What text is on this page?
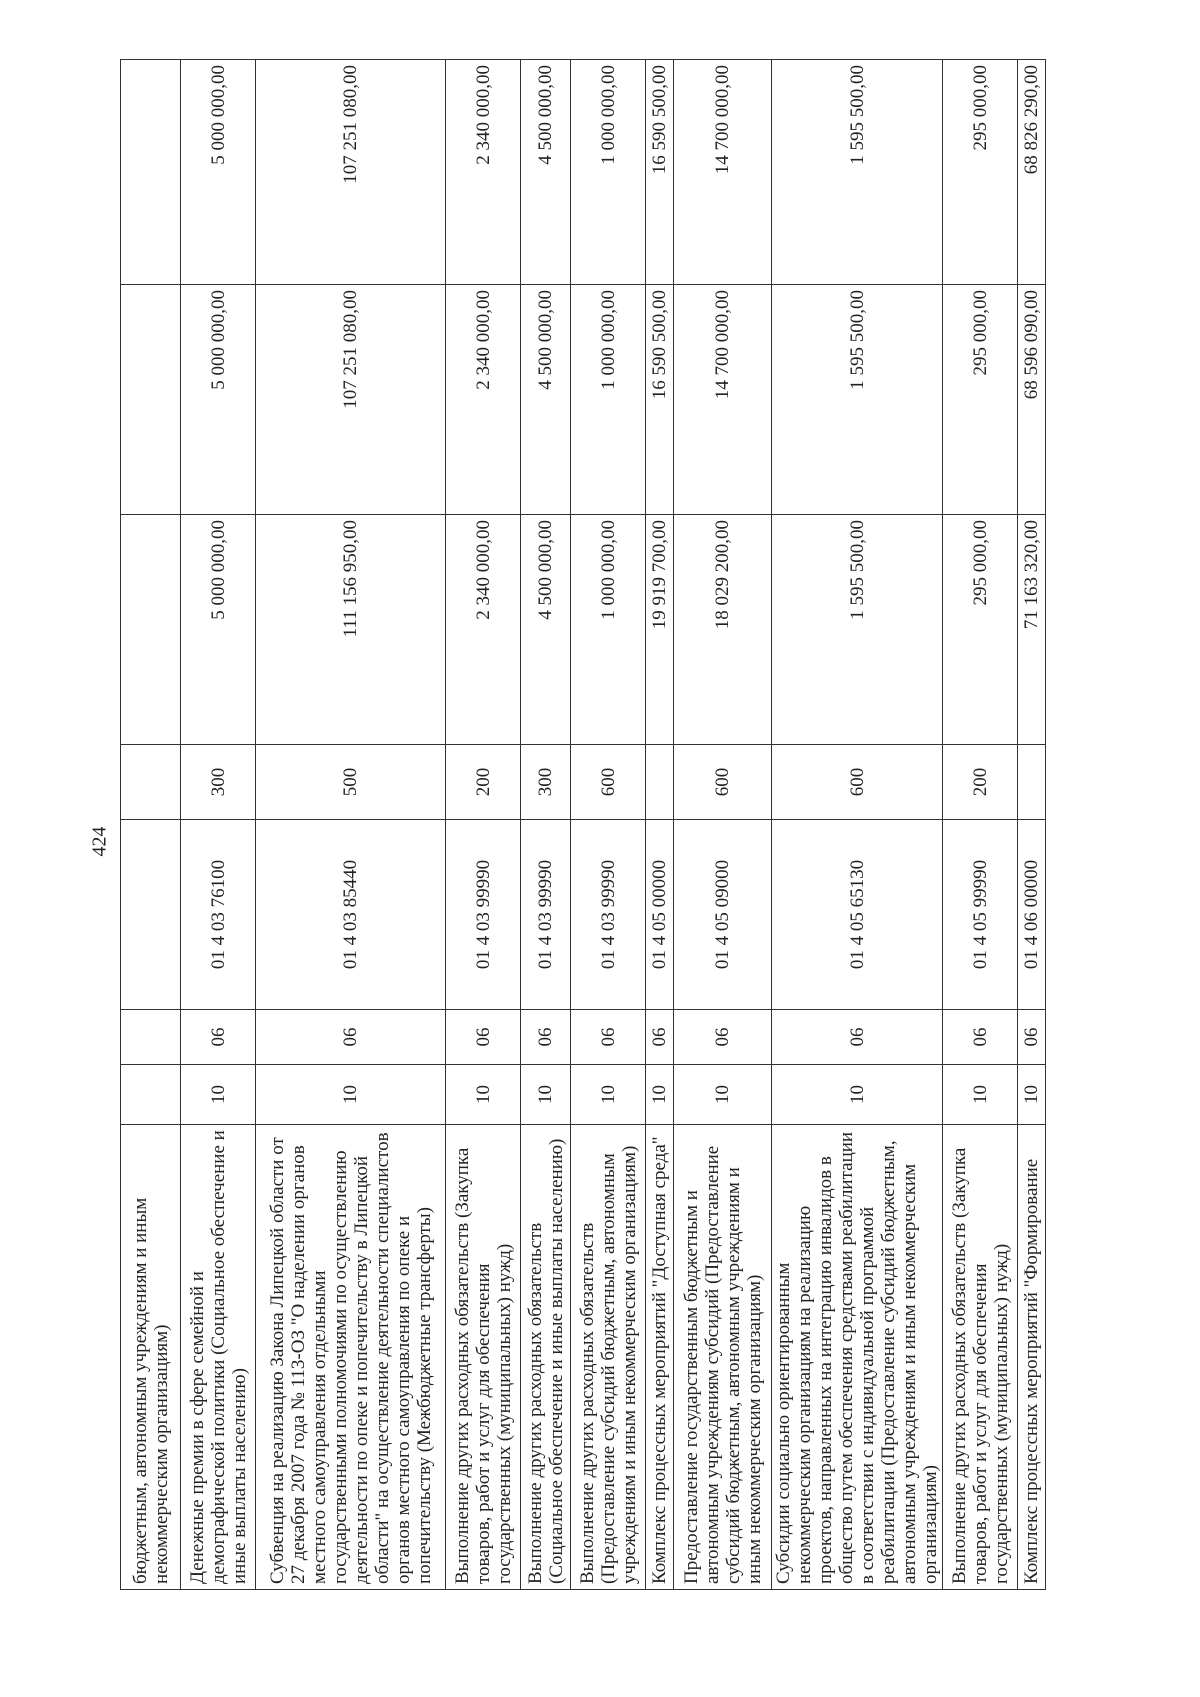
424
бюджетным, автономным учреждениям и иным некоммерческим организациям)							
Денежные премии в сфере семейной и демографической политики (Социальное обеспечение и иные выплаты населению)	10	06	01 4 03 76100	300	5 000 000,00	5 000 000,00	5 000 000,00
Субвенция на реализацию Закона Липецкой области от 27 декабря 2007 года № 113-ОЗ "О наделении органов местного самоуправления отдельными государственными полномочиями по осуществлению деятельности по опеке и попечительству в Липецкой области" на осуществление деятельности специалистов органов местного самоуправления по опеке и попечительству (Межбюджетные трансферты)	10	06	01 4 03 85440	500	111 156 950,00	107 251 080,00	107 251 080,00
Выполнение других расходных обязательств (Закупка товаров, работ и услуг для обеспечения государственных (муниципальных) нужд)	10	06	01 4 03 99990	200	2 340 000,00	2 340 000,00	2 340 000,00
Выполнение других расходных обязательств (Социальное обеспечение и иные выплаты населению)	10	06	01 4 03 99990	300	4 500 000,00	4 500 000,00	4 500 000,00
Выполнение других расходных обязательств (Предоставление субсидий бюджетным, автономным учреждениям и иным некоммерческим организациям)	10	06	01 4 03 99990	600	1 000 000,00	1 000 000,00	1 000 000,00
Комплекс процессных мероприятий "Доступная среда"	10	06	01 4 05 00000		19 919 700,00	16 590 500,00	16 590 500,00
Предоставление государственным бюджетным и автономным учреждениям субсидий (Предоставление субсидий бюджетным, автономным учреждениям и иным некоммерческим организациям)	10	06	01 4 05 09000	600	18 029 200,00	14 700 000,00	14 700 000,00
Субсидии социально ориентированным некоммерческим организациям на реализацию проектов, направленных на интеграцию инвалидов в общество путем обеспечения средствами реабилитации в соответствии с индивидуальной программой реабилитации (Предоставление субсидий бюджетным, автономным учреждениям и иным некоммерческим организациям)	10	06	01 4 05 65130	600	1 595 500,00	1 595 500,00	1 595 500,00
Выполнение других расходных обязательств (Закупка товаров, работ и услуг для обеспечения государственных (муниципальных) нужд)	10	06	01 4 05 99990	200	295 000,00	295 000,00	295 000,00
Комплекс процессных мероприятий "Формирование	10	06	01 4 06 00000		71 163 320,00	68 596 090,00	68 826 290,00
